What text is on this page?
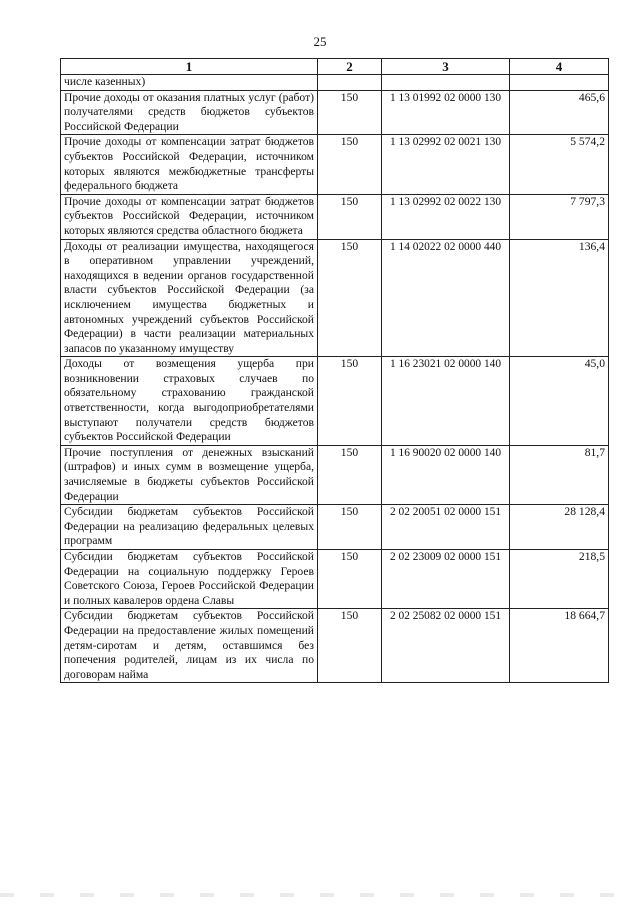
25
1	2	3	4
числе казенных)			
Прочие доходы от оказания платных услуг (работ) получателями средств бюджетов субъектов Российской Федерации	150	1 13 01992 02 0000 130	465,6
Прочие доходы от компенсации затрат бюджетов субъектов Российской Федерации, источником которых являются межбюджетные трансферты федерального бюджета	150	1 13 02992 02 0021 130	5 574,2
Прочие доходы от компенсации затрат бюджетов субъектов Российской Федерации, источником которых являются средства областного бюджета	150	1 13 02992 02 0022 130	7 797,3
Доходы от реализации имущества, находящегося в оперативном управлении учреждений, находящихся в ведении органов государственной власти субъектов Российской Федерации (за исключением имущества бюджетных и автономных учреждений субъектов Российской Федерации) в части реализации материальных запасов по указанному имуществу	150	1 14 02022 02 0000 440	136,4
Доходы от возмещения ущерба при возникновении страховых случаев по обязательному страхованию гражданской ответственности, когда выгодоприобретателями выступают получатели средств бюджетов субъектов Российской Федерации	150	1 16 23021 02 0000 140	45,0
Прочие поступления от денежных взысканий (штрафов) и иных сумм в возмещение ущерба, зачисляемые в бюджеты субъектов Российской Федерации	150	1 16 90020 02 0000 140	81,7
Субсидии бюджетам субъектов Российской Федерации на реализацию федеральных целевых программ	150	2 02 20051 02 0000 151	28 128,4
Субсидии бюджетам субъектов Российской Федерации на социальную поддержку Героев Советского Союза, Героев Российской Федерации и полных кавалеров ордена Славы	150	2 02 23009 02 0000 151	218,5
Субсидии бюджетам субъектов Российской Федерации на предоставление жилых помещений детям-сиротам и детям, оставшимся без попечения родителей, лицам из их числа по договорам найма	150	2 02 25082 02 0000 151	18 664,7
